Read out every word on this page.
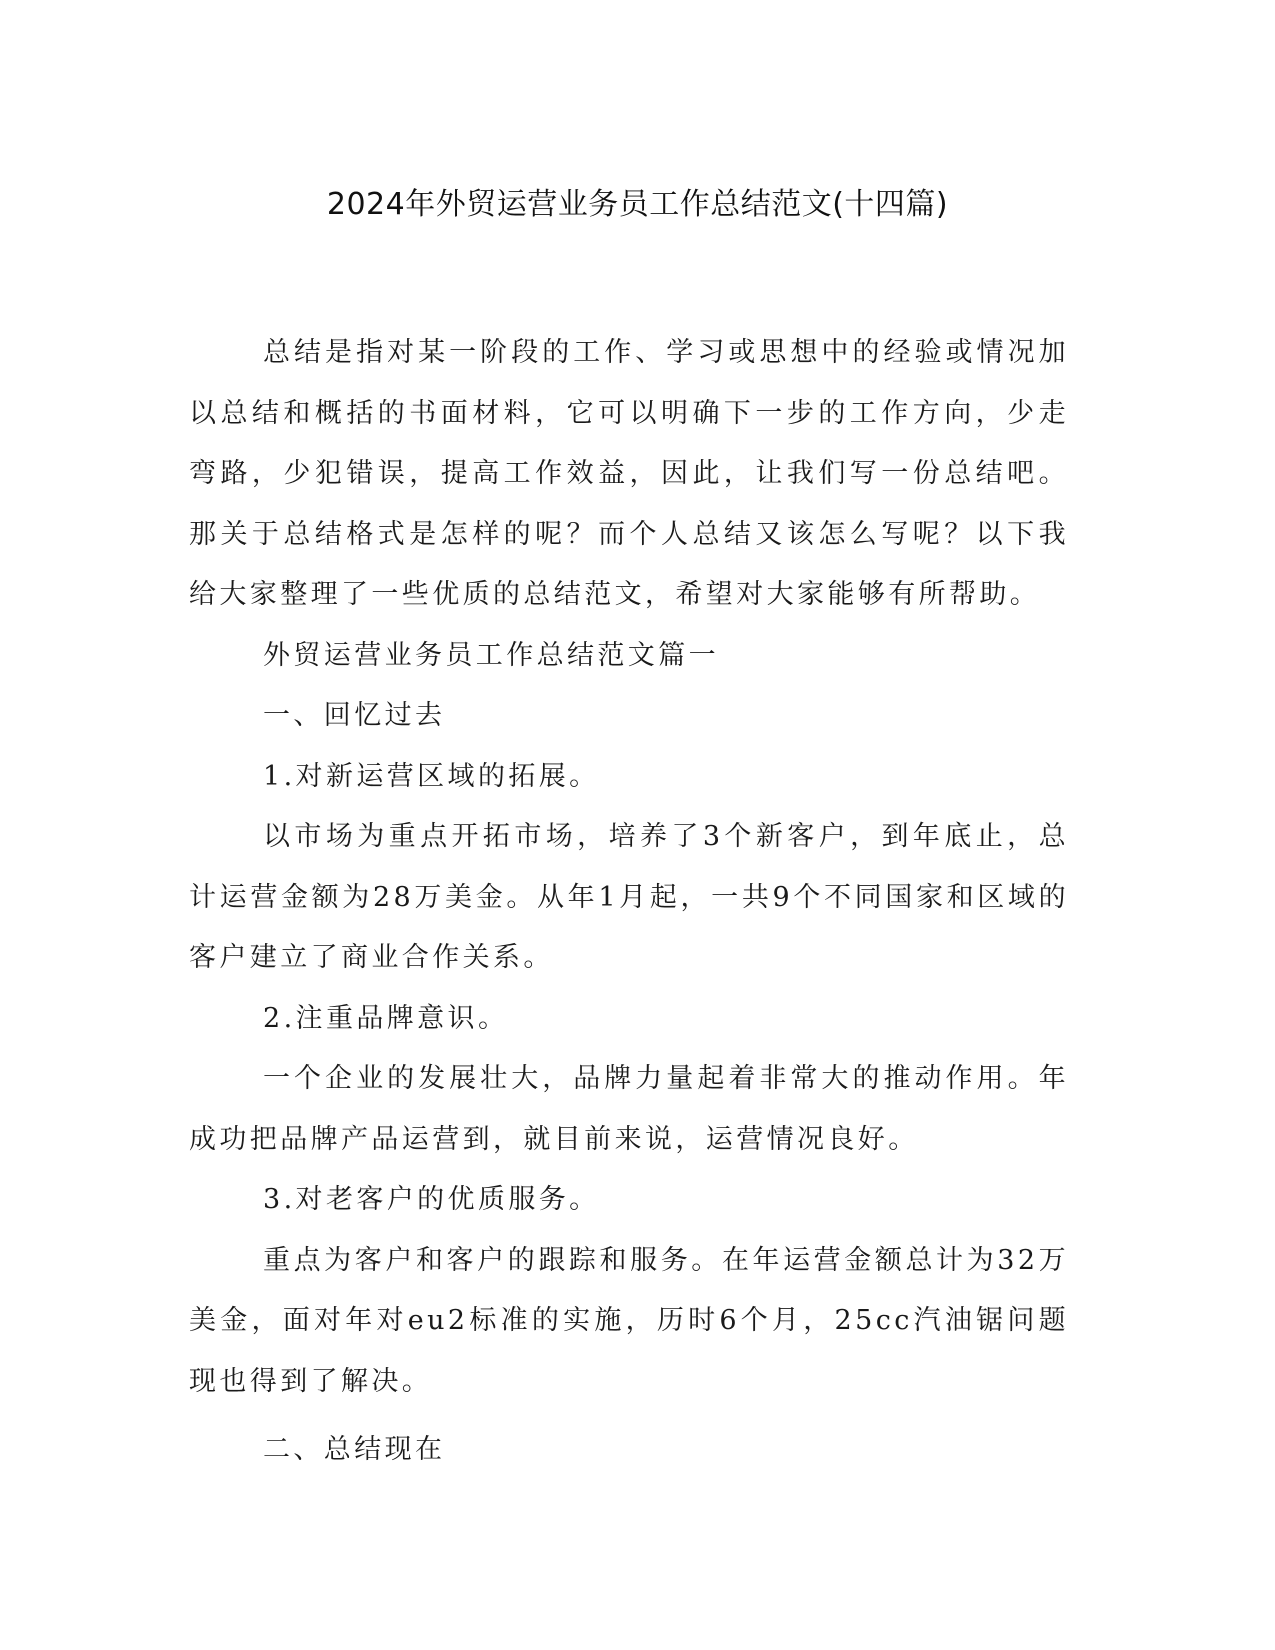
2024年外贸运营业务员工作总结范文(十四篇)

总结是指对某一阶段的工作、学习或思想中的经验或情况加以总结和概括的书面材料，它可以明确下一步的工作方向，少走弯路，少犯错误，提高工作效益，因此，让我们写一份总结吧。那关于总结格式是怎样的呢？而个人总结又该怎么写呢？以下我给大家整理了一些优质的总结范文，希望对大家能够有所帮助。

外贸运营业务员工作总结范文篇一

一、回忆过去

1.对新运营区域的拓展。

以市场为重点开拓市场，培养了3个新客户，到年底止，总计运营金额为28万美金。从年1月起，一共9个不同国家和区域的客户建立了商业合作关系。

2.注重品牌意识。

一个企业的发展壮大，品牌力量起着非常大的推动作用。年成功把品牌产品运营到，就目前来说，运营情况良好。

3.对老客户的优质服务。

重点为客户和客户的跟踪和服务。在年运营金额总计为32万美金，面对年对eu2标准的实施，历时6个月，25cc汽油锯问题现也得到了解决。

二、总结现在
